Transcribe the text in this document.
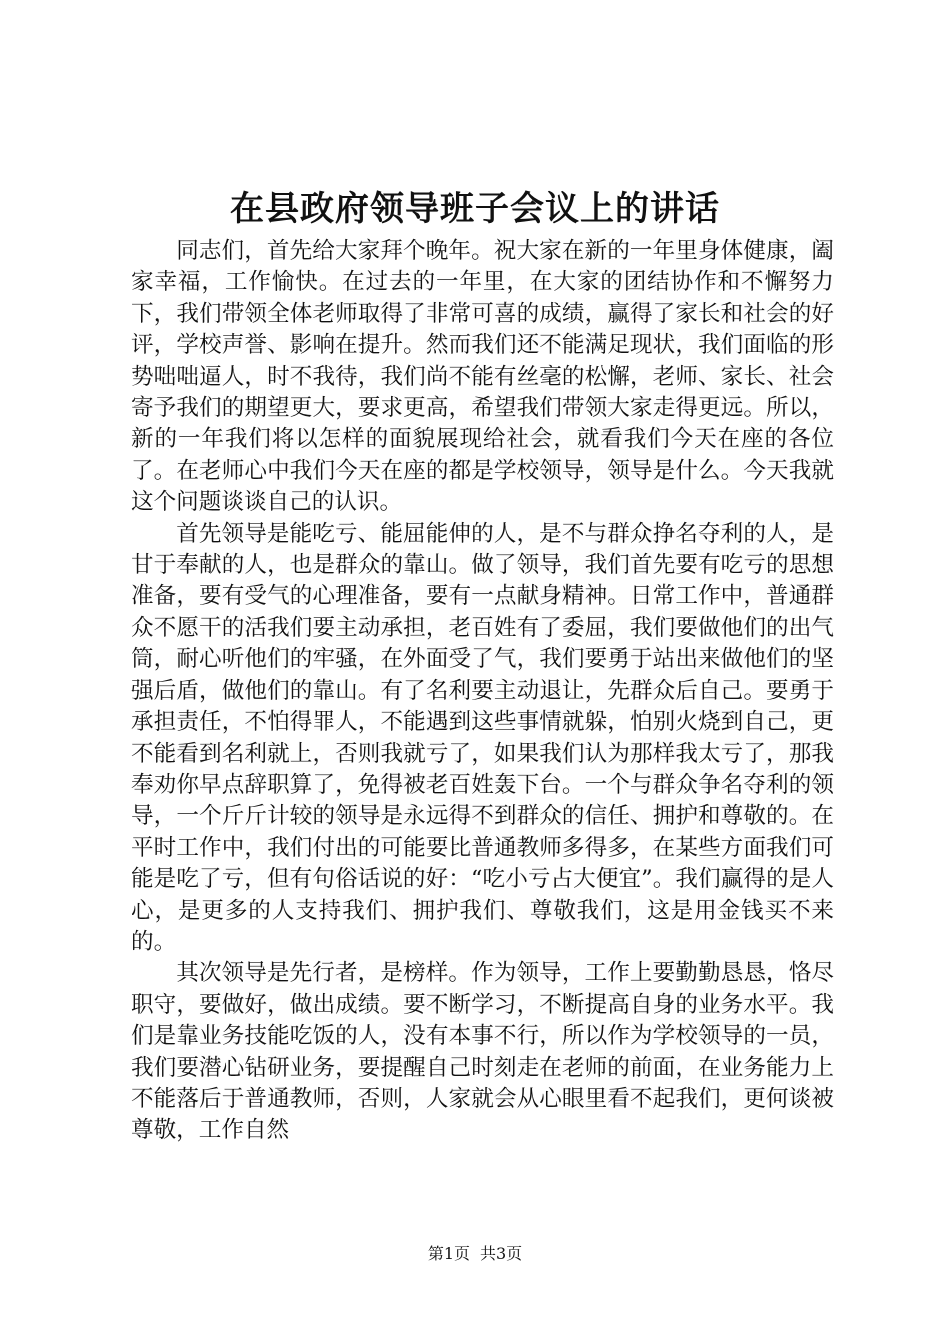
在县政府领导班子会议上的讲话

同志们，首先给大家拜个晚年。祝大家在新的一年里身体健康，阖家幸福，工作愉快。在过去的一年里，在大家的团结协作和不懈努力下，我们带领全体老师取得了非常可喜的成绩，赢得了家长和社会的好评，学校声誉、影响在提升。然而我们还不能满足现状，我们面临的形势咄咄逼人，时不我待，我们尚不能有丝毫的松懈，老师、家长、社会寄予我们的期望更大，要求更高，希望我们带领大家走得更远。所以，新的一年我们将以怎样的面貌展现给社会，就看我们今天在座的各位了。在老师心中我们今天在座的都是学校领导，领导是什么。今天我就这个问题谈谈自己的认识。

首先领导是能吃亏、能屈能伸的人，是不与群众挣名夺利的人，是甘于奉献的人，也是群众的靠山。做了领导，我们首先要有吃亏的思想准备，要有受气的心理准备，要有一点献身精神。日常工作中，普通群众不愿干的活我们要主动承担，老百姓有了委屈，我们要做他们的出气筒，耐心听他们的牢骚，在外面受了气，我们要勇于站出来做他们的坚强后盾，做他们的靠山。有了名利要主动退让，先群众后自己。要勇于承担责任，不怕得罪人，不能遇到这些事情就躲，怕别火烧到自己，更不能看到名利就上，否则我就亏了，如果我们认为那样我太亏了，那我奉劝你早点辞职算了，免得被老百姓轰下台。一个与群众争名夺利的领导，一个斤斤计较的领导是永远得不到群众的信任、拥护和尊敬的。在平时工作中，我们付出的可能要比普通教师多得多，在某些方面我们可能是吃了亏，但有句俗话说的好：“吃小亏占大便宜”。我们赢得的是人心，是更多的人支持我们、拥护我们、尊敬我们，这是用金钱买不来的。

其次领导是先行者，是榜样。作为领导，工作上要勤勤恳恳，恪尽职守，要做好，做出成绩。要不断学习，不断提高自身的业务水平。我们是靠业务技能吃饭的人，没有本事不行，所以作为学校领导的一员，我们要潜心钻研业务，要提醒自己时刻走在老师的前面，在业务能力上不能落后于普通教师，否则，人家就会从心眼里看不起我们，更何谈被尊敬，工作自然

第1页 共3页
